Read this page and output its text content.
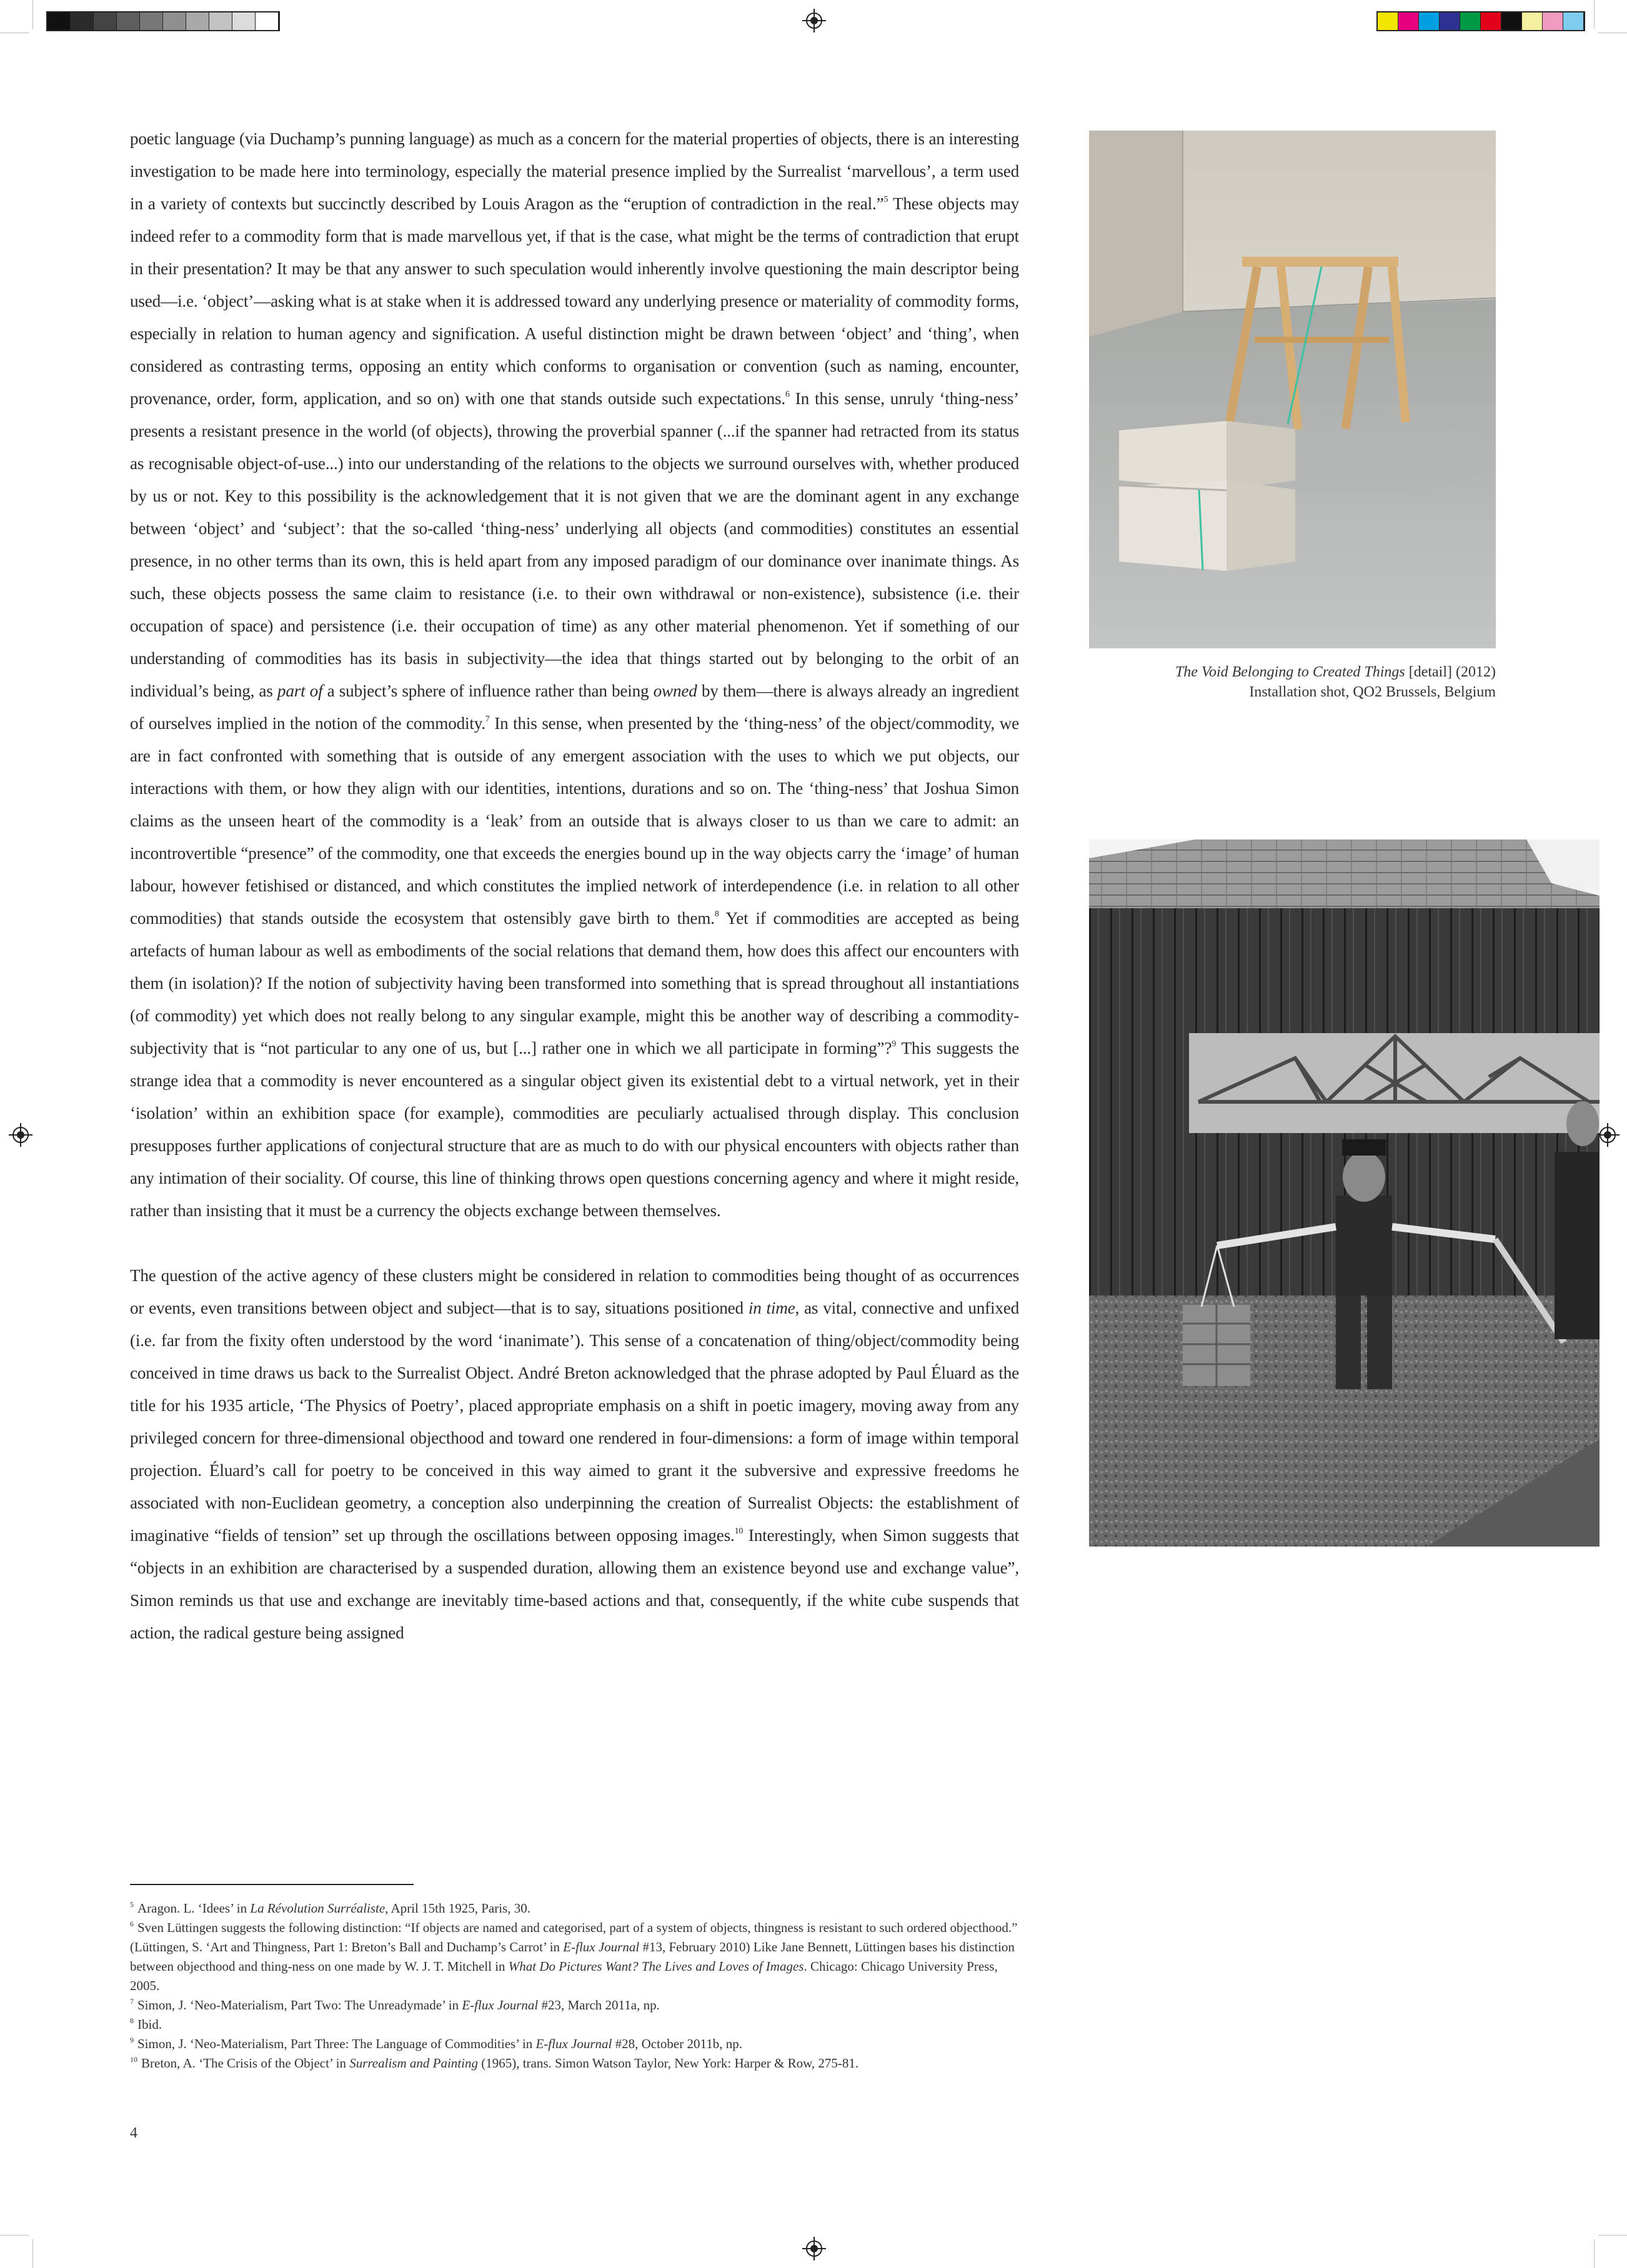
poetic language (via Duchamp’s punning language) as much as a concern for the material properties of objects, there is an interesting investigation to be made here into terminology, especially the material presence implied by the Surrealist ‘marvellous’, a term used in a variety of contexts but succinctly described by Louis Aragon as the “eruption of contradiction in the real.”$^5$ These objects may indeed refer to a commodity form that is made marvellous yet, if that is the case, what might be the terms of contradiction that erupt in their presentation? It may be that any answer to such speculation would inherently involve questioning the main descriptor being used—i.e. ‘object’—asking what is at stake when it is addressed toward any underlying presence or materiality of commodity forms, especially in relation to human agency and signification. A useful distinction might be drawn between ‘object’ and ‘thing’, when considered as contrasting terms, opposing an entity which conforms to organisation or convention (such as naming, encounter, provenance, order, form, application, and so on) with one that stands outside such expectations.$^6$ In this sense, unruly ‘thing-ness’ presents a resistant presence in the world (of objects), throwing the proverbial spanner (...if the spanner had retracted from its status as recognisable object-of-use...) into our understanding of the relations to the objects we surround ourselves with, whether produced by us or not. Key to this possibility is the acknowledgement that it is not given that we are the dominant agent in any exchange between ‘object’ and ‘subject’: that the so-called ‘thing-ness’ underlying all objects (and commodities) constitutes an essential presence, in no other terms than its own, this is held apart from any imposed paradigm of our dominance over inanimate things. As such, these objects possess the same claim to resistance (i.e. to their own withdrawal or non-existence), subsistence (i.e. their occupation of space) and persistence (i.e. their occupation of time) as any other material phenomenon. Yet if something of our understanding of commodities has its basis in subjectivity—the idea that things started out by belonging to the orbit of an individual’s being, as part of a subject’s sphere of influence rather than being owned by them—there is always already an ingredient of ourselves implied in the notion of the commodity.$^7$ In this sense, when presented by the ‘thing-ness’ of the object/commodity, we are in fact confronted with something that is outside of any emergent association with the uses to which we put objects, our interactions with them, or how they align with our identities, intentions, durations and so on. The ‘thing-ness’ that Joshua Simon claims as the unseen heart of the commodity is a ‘leak’ from an outside that is always closer to us than we care to admit: an incontrovertible “presence” of the commodity, one that exceeds the energies bound up in the way objects carry the ‘image’ of human labour, however fetishised or distanced, and which constitutes the implied network of interdependence (i.e. in relation to all other commodities) that stands outside the ecosystem that ostensibly gave birth to them.$^8$ Yet if commodities are accepted as being artefacts of human labour as well as embodiments of the social relations that demand them, how does this affect our encounters with them (in isolation)? If the notion of subjectivity having been transformed into something that is spread throughout all instantiations (of commodity) yet which does not really belong to any singular example, might this be another way of describing a commodity-subjectivity that is “not particular to any one of us, but [...] rather one in which we all participate in forming”?$^9$ This suggests the strange idea that a commodity is never encountered as a singular object given its existential debt to a virtual network, yet in their ‘isolation’ within an exhibition space (for example), commodities are peculiarly actualised through display. This conclusion presupposes further applications of conjectural structure that are as much to do with our physical encounters with objects rather than any intimation of their sociality. Of course, this line of thinking throws open questions concerning agency and where it might reside, rather than insisting that it must be a currency the objects exchange between themselves.

The question of the active agency of these clusters might be considered in relation to commodities being thought of as occurrences or events, even transitions between object and subject—that is to say, situations positioned in time, as vital, connective and unfixed (i.e. far from the fixity often understood by the word ‘inanimate’). This sense of a concatenation of thing/object/commodity being conceived in time draws us back to the Surrealist Object. André Breton acknowledged that the phrase adopted by Paul Éluard as the title for his 1935 article, ‘The Physics of Poetry’, placed appropriate emphasis on a shift in poetic imagery, moving away from any privileged concern for three-dimensional objecthood and toward one rendered in four-dimensions: a form of image within temporal projection. Éluard’s call for poetry to be conceived in this way aimed to grant it the subversive and expressive freedoms he associated with non-Euclidean geometry, a conception also underpinning the creation of Surrealist Objects: the establishment of imaginative “fields of tension” set up through the oscillations between opposing images.$^{10}$ Interestingly, when Simon suggests that “objects in an exhibition are characterised by a suspended duration, allowing them an existence beyond use and exchange value”, Simon reminds us that use and exchange are inevitably time-based actions and that, consequently, if the white cube suspends that action, the radical gesture being assigned

The Void Belonging to Created Things [detail] (2012)
Installation shot, QO2 Brussels, Belgium

$^5$ Aragon. L. ‘Idees’ in La Révolution Surréaliste, April 15th 1925, Paris, 30.

$^6$ Sven Lüttingen suggests the following distinction: “If objects are named and categorised, part of a system of objects, thingness is resistant to such ordered objecthood.” (Lüttingen, S. ‘Art and Thingness, Part 1: Breton’s Ball and Duchamp’s Carrot’ in E-flux Journal #13, February 2010) Like Jane Bennett, Lüttingen bases his distinction between objecthood and thing-ness on one made by W. J. T. Mitchell in What Do Pictures Want? The Lives and Loves of Images. Chicago: Chicago University Press, 2005.

$^7$ Simon, J. ‘Neo-Materialism, Part Two: The Unreadymade’ in E-flux Journal #23, March 2011a, np.

$^8$ Ibid.

$^9$ Simon, J. ‘Neo-Materialism, Part Three: The Language of Commodities’ in E-flux Journal #28, October 2011b, np.

$^{10}$ Breton, A. ‘The Crisis of the Object’ in Surrealism and Painting (1965), trans. Simon Watson Taylor, New York: Harper & Row, 275-81.

4
